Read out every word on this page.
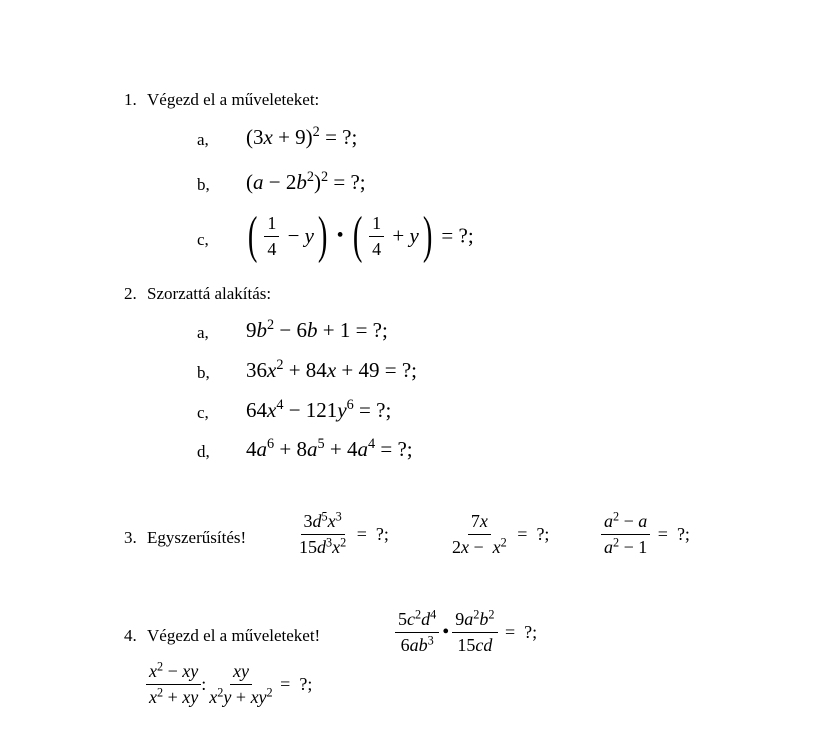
1. Végezd el a műveleteket:
a, $(3x + 9)^2$ = ?;
b, $(a - 2b^2)^2$ = ?;
c, ( $\frac{1}{4} - y$) • ( $\frac{1}{4} + y$) = ?;
2. Szorzattá alakítás:
a, $9b^2 - 6b + 1$ = ?;
b, $36x^2 + 84x + 49$ = ?;
c, $64x^4 - 121y^6$ = ?;
d, $4a^6 + 8a^5 + 4a^4$ = ?;
3. Egyszerűsítés!	$\frac{3d^5x^3}{15d^3x^2}$ =  ?;	$\frac{7x}{2x - x^2}$ =  ?;	$\frac{a^2 - a}{a^2 - 1}$ =  ?;
4. Végezd el a műveleteket!	$\frac{5c^2d^4}{6ab^3}$ • $\frac{9a^2b^2}{15cd}$ =  ?;
$\frac{x^2 - xy}{x^2 + xy}$ : $\frac{xy}{x^2y + xy^2}$ =  ?;
